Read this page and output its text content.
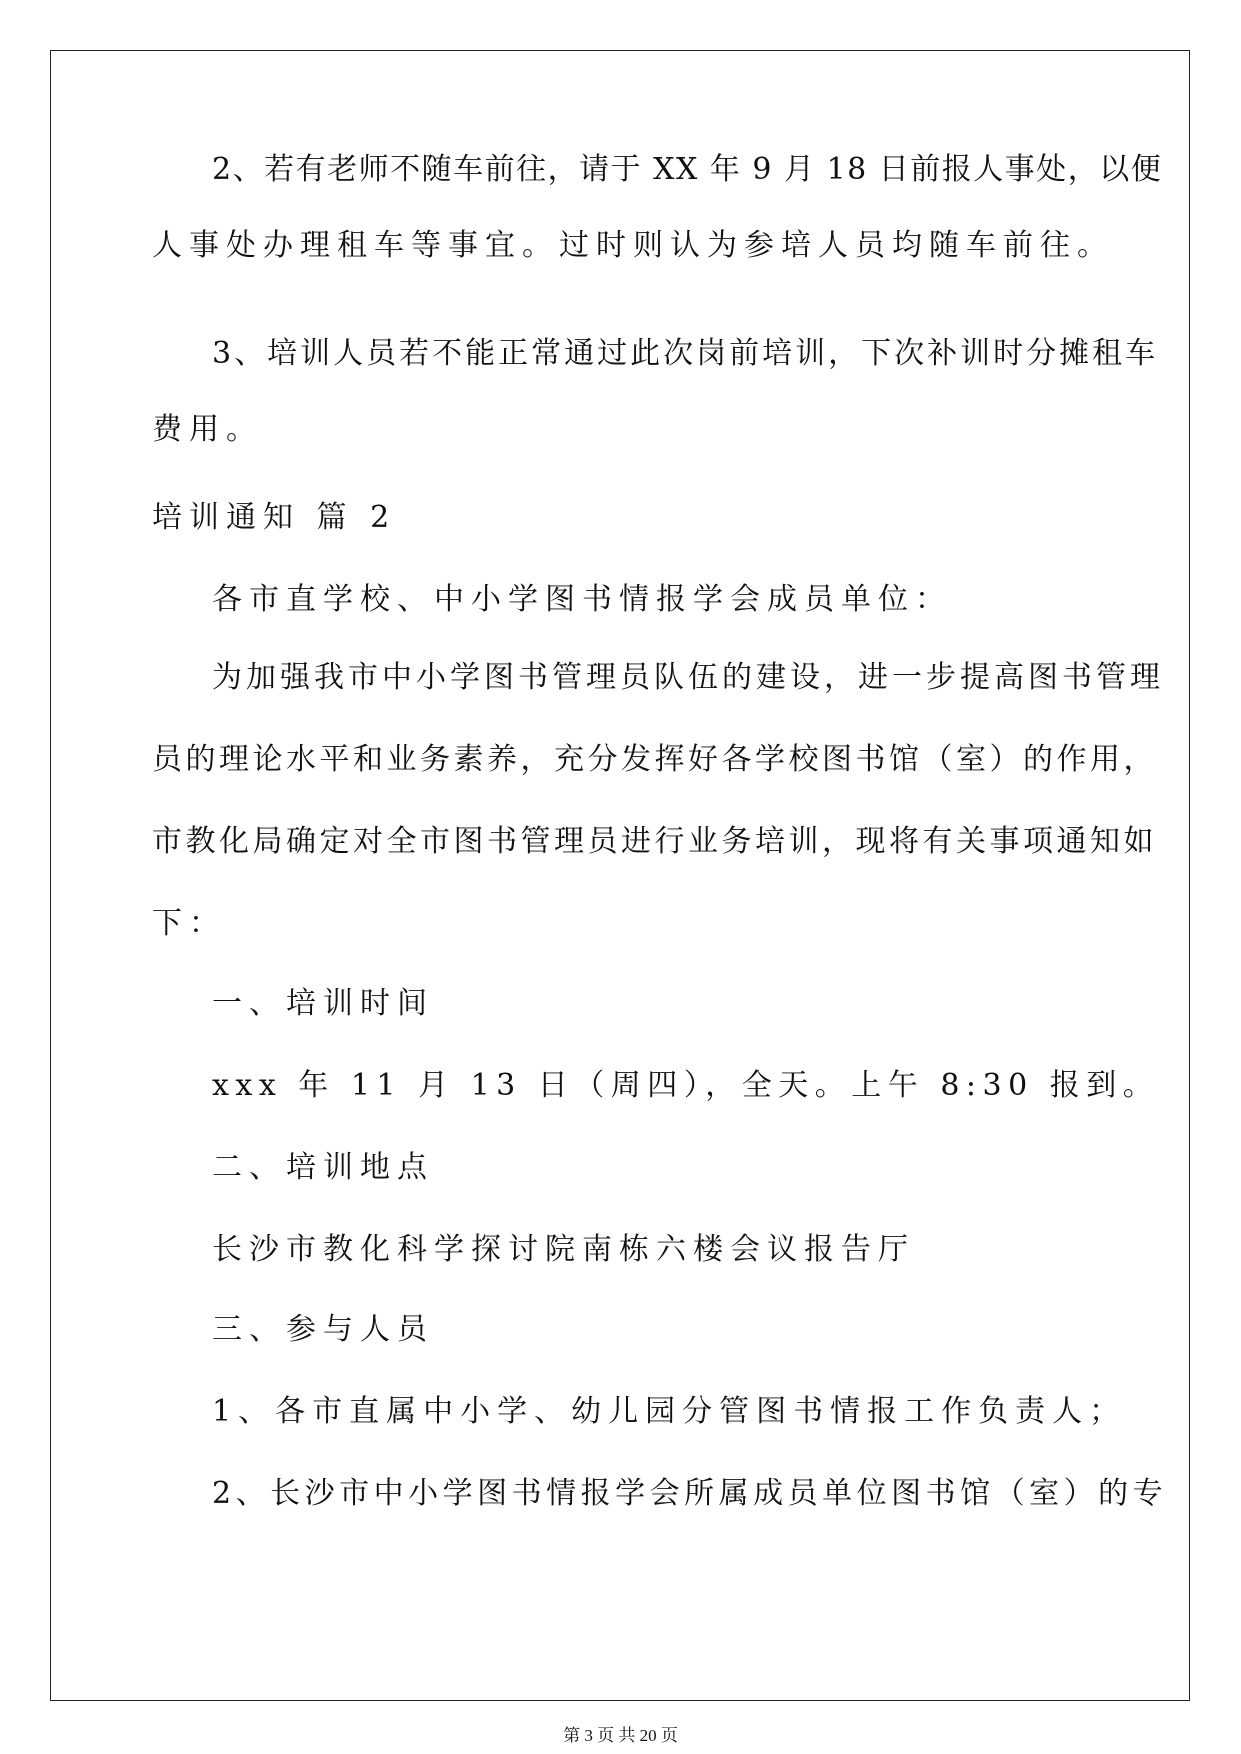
2、若有老师不随车前往，请于 XX 年 9 月 18 日前报人事处，以便
人事处办理租车等事宜。过时则认为参培人员均随车前往。
3、培训人员若不能正常通过此次岗前培训，下次补训时分摊租车
费用。
培训通知 篇 2
各市直学校、中小学图书情报学会成员单位：
为加强我市中小学图书管理员队伍的建设，进一步提高图书管理
员的理论水平和业务素养，充分发挥好各学校图书馆（室）的作用，
市教化局确定对全市图书管理员进行业务培训，现将有关事项通知如
下：
一、培训时间
xxx 年 11 月 13 日（周四），全天。上午 8:30 报到。
二、培训地点
长沙市教化科学探讨院南栋六楼会议报告厅
三、参与人员
1、各市直属中小学、幼儿园分管图书情报工作负责人；
2、长沙市中小学图书情报学会所属成员单位图书馆（室）的专
第 3 页 共 20 页
